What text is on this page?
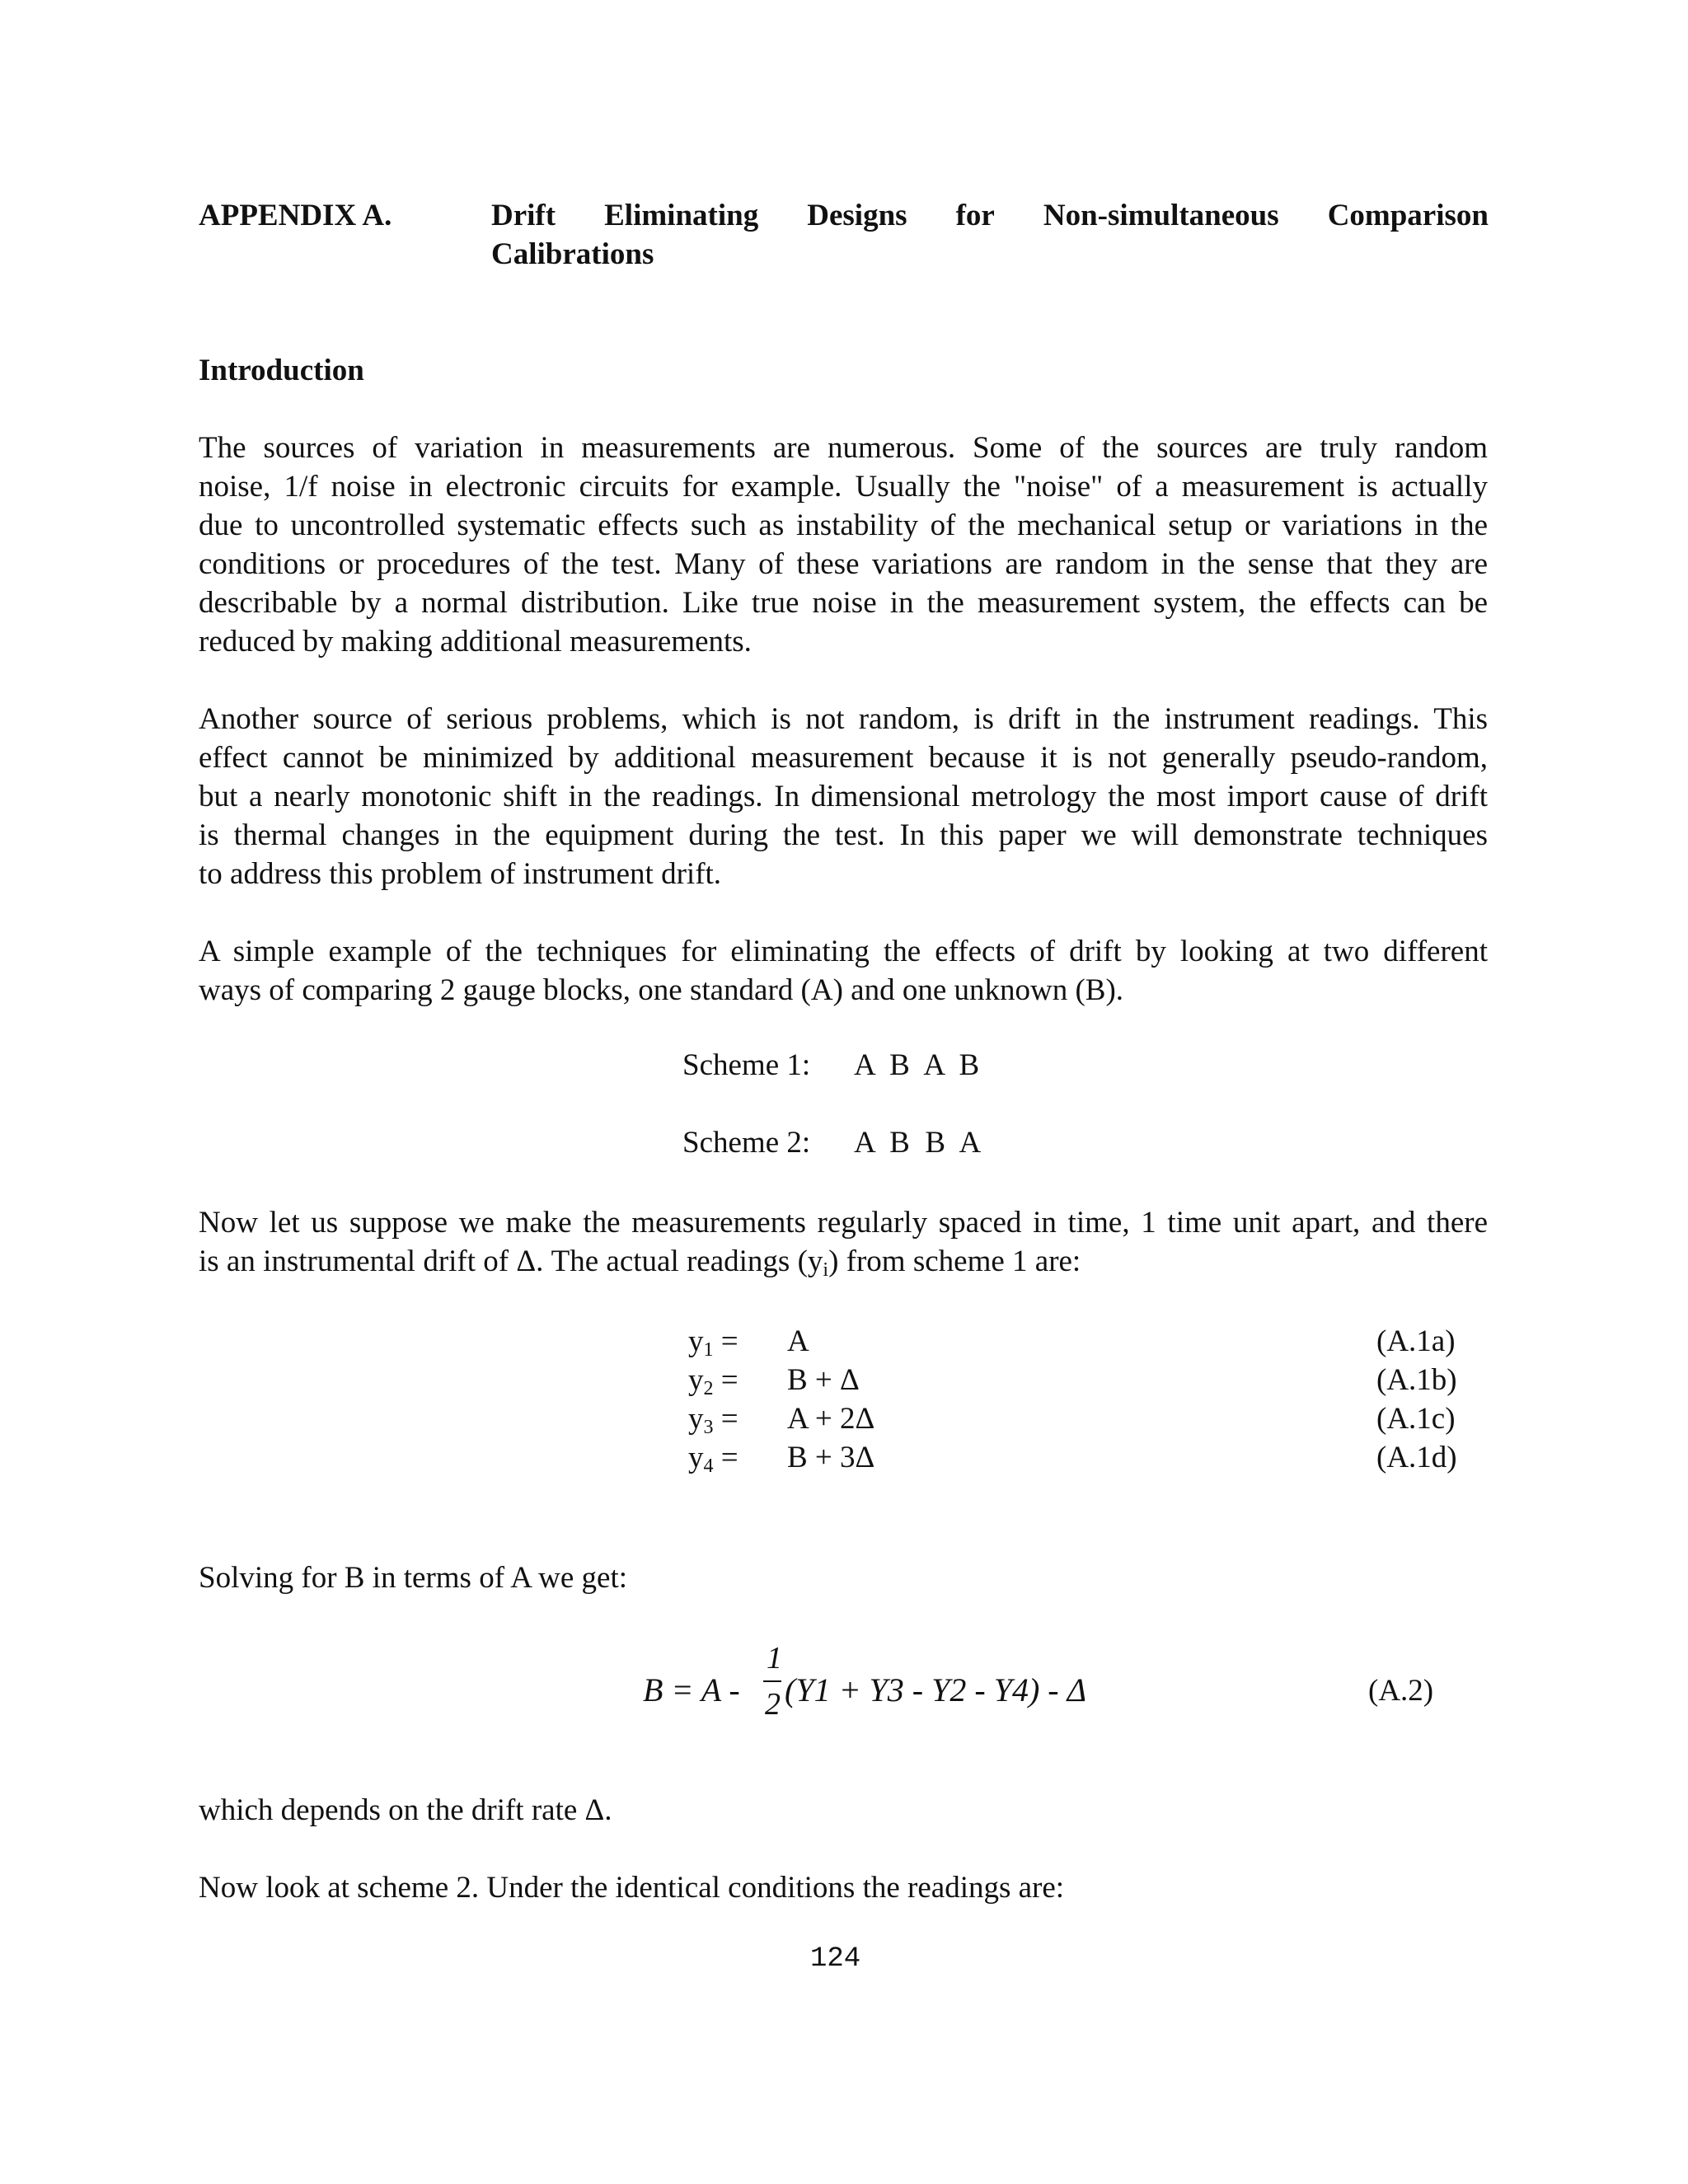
APPENDIX A.	Drift Eliminating Designs for Non-simultaneous Comparison
Calibrations
Introduction
The sources of variation in measurements are numerous. Some of the sources are truly random
noise, 1/f noise in electronic circuits for example. Usually the "noise" of a measurement is actually
due to uncontrolled systematic effects such as instability of the mechanical setup or variations in the
conditions or procedures of the test. Many of these variations are random in the sense that they are
describable by a normal distribution. Like true noise in the measurement system, the effects can be
reduced by making additional measurements.
Another source of serious problems, which is not random, is drift in the instrument readings. This
effect cannot be minimized by additional measurement because it is not generally pseudo-random,
but a nearly monotonic shift in the readings. In dimensional metrology the most import cause of drift
is thermal changes in the equipment during the test. In this paper we will demonstrate techniques
to address this problem of instrument drift.
A simple example of the techniques for eliminating the effects of drift by looking at two different
ways of comparing 2 gauge blocks, one standard (A) and one unknown (B).
Scheme 1: A  B  A  B
Scheme 2: A  B  B  A
Now let us suppose we make the measurements regularly spaced in time, 1 time unit apart, and there
is an instrumental drift of Δ. The actual readings $(y_i)$ from scheme 1 are:
$y_1 = A$	(A.1a)
$y_2 = B + \Delta$	(A.1b)
$y_3 = A + 2\Delta$	(A.1c)
$y_4 = B + 3\Delta$	(A.1d)
Solving for B in terms of A we get:
B = A -
1
2 (Y1 + Y3 - Y2 - Y4) - Δ	(A.2)
which depends on the drift rate Δ.
Now look at scheme 2. Under the identical conditions the readings are:
124
